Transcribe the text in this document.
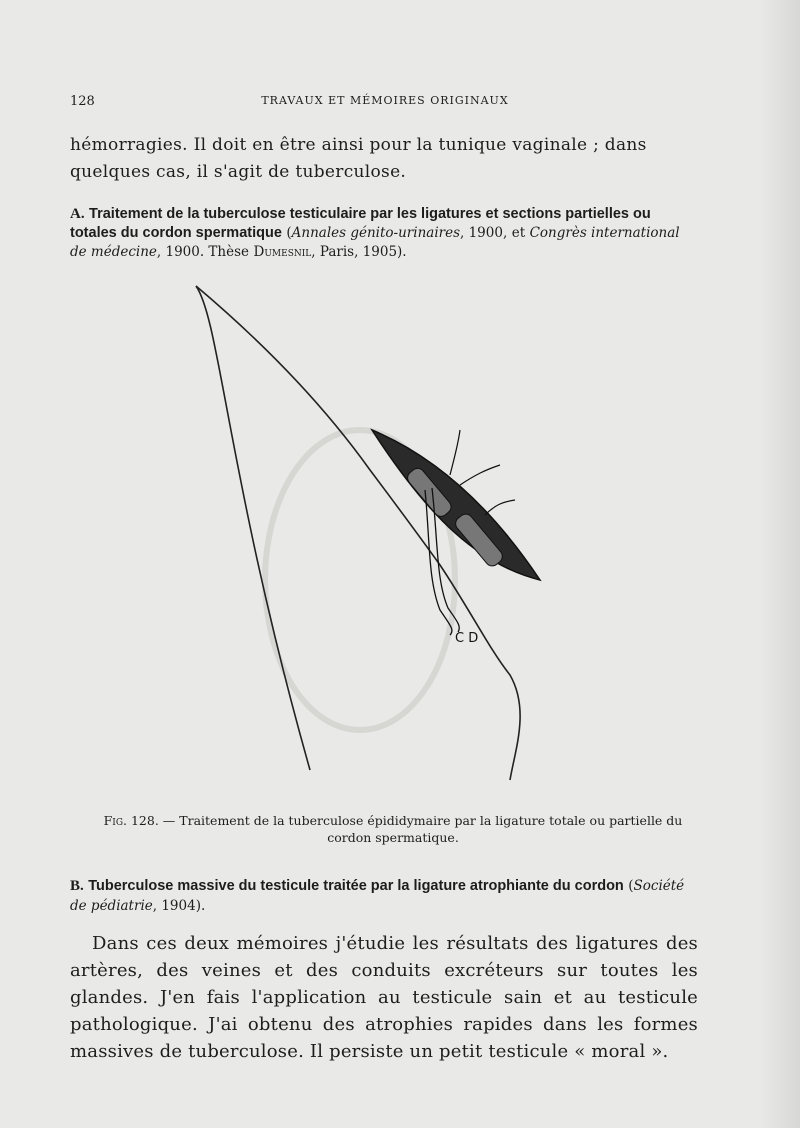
128	TRAVAUX ET MÉMOIRES ORIGINAUX
hémorragies. Il doit en être ainsi pour la tunique vaginale ; dans quelques cas, il s'agit de tuberculose.
A. Traitement de la tuberculose testiculaire par les ligatures et sections partielles ou totales du cordon spermatique (Annales génito-urinaires, 1900, et Congrès international de médecine, 1900. Thèse Dumesnil, Paris, 1905).

C D
Fig. 128. — Traitement de la tuberculose épididymaire par la ligature totale ou partielle du cordon spermatique.
B. Tuberculose massive du testicule traitée par la ligature atrophiante du cordon (Société de pédiatrie, 1904).
Dans ces deux mémoires j'étudie les résultats des ligatures des artères, des veines et des conduits excréteurs sur toutes les glandes. J'en fais l'application au testicule sain et au testicule pathologique. J'ai obtenu des atrophies rapides dans les formes massives de tuberculose. Il persiste un petit testicule « moral ».
